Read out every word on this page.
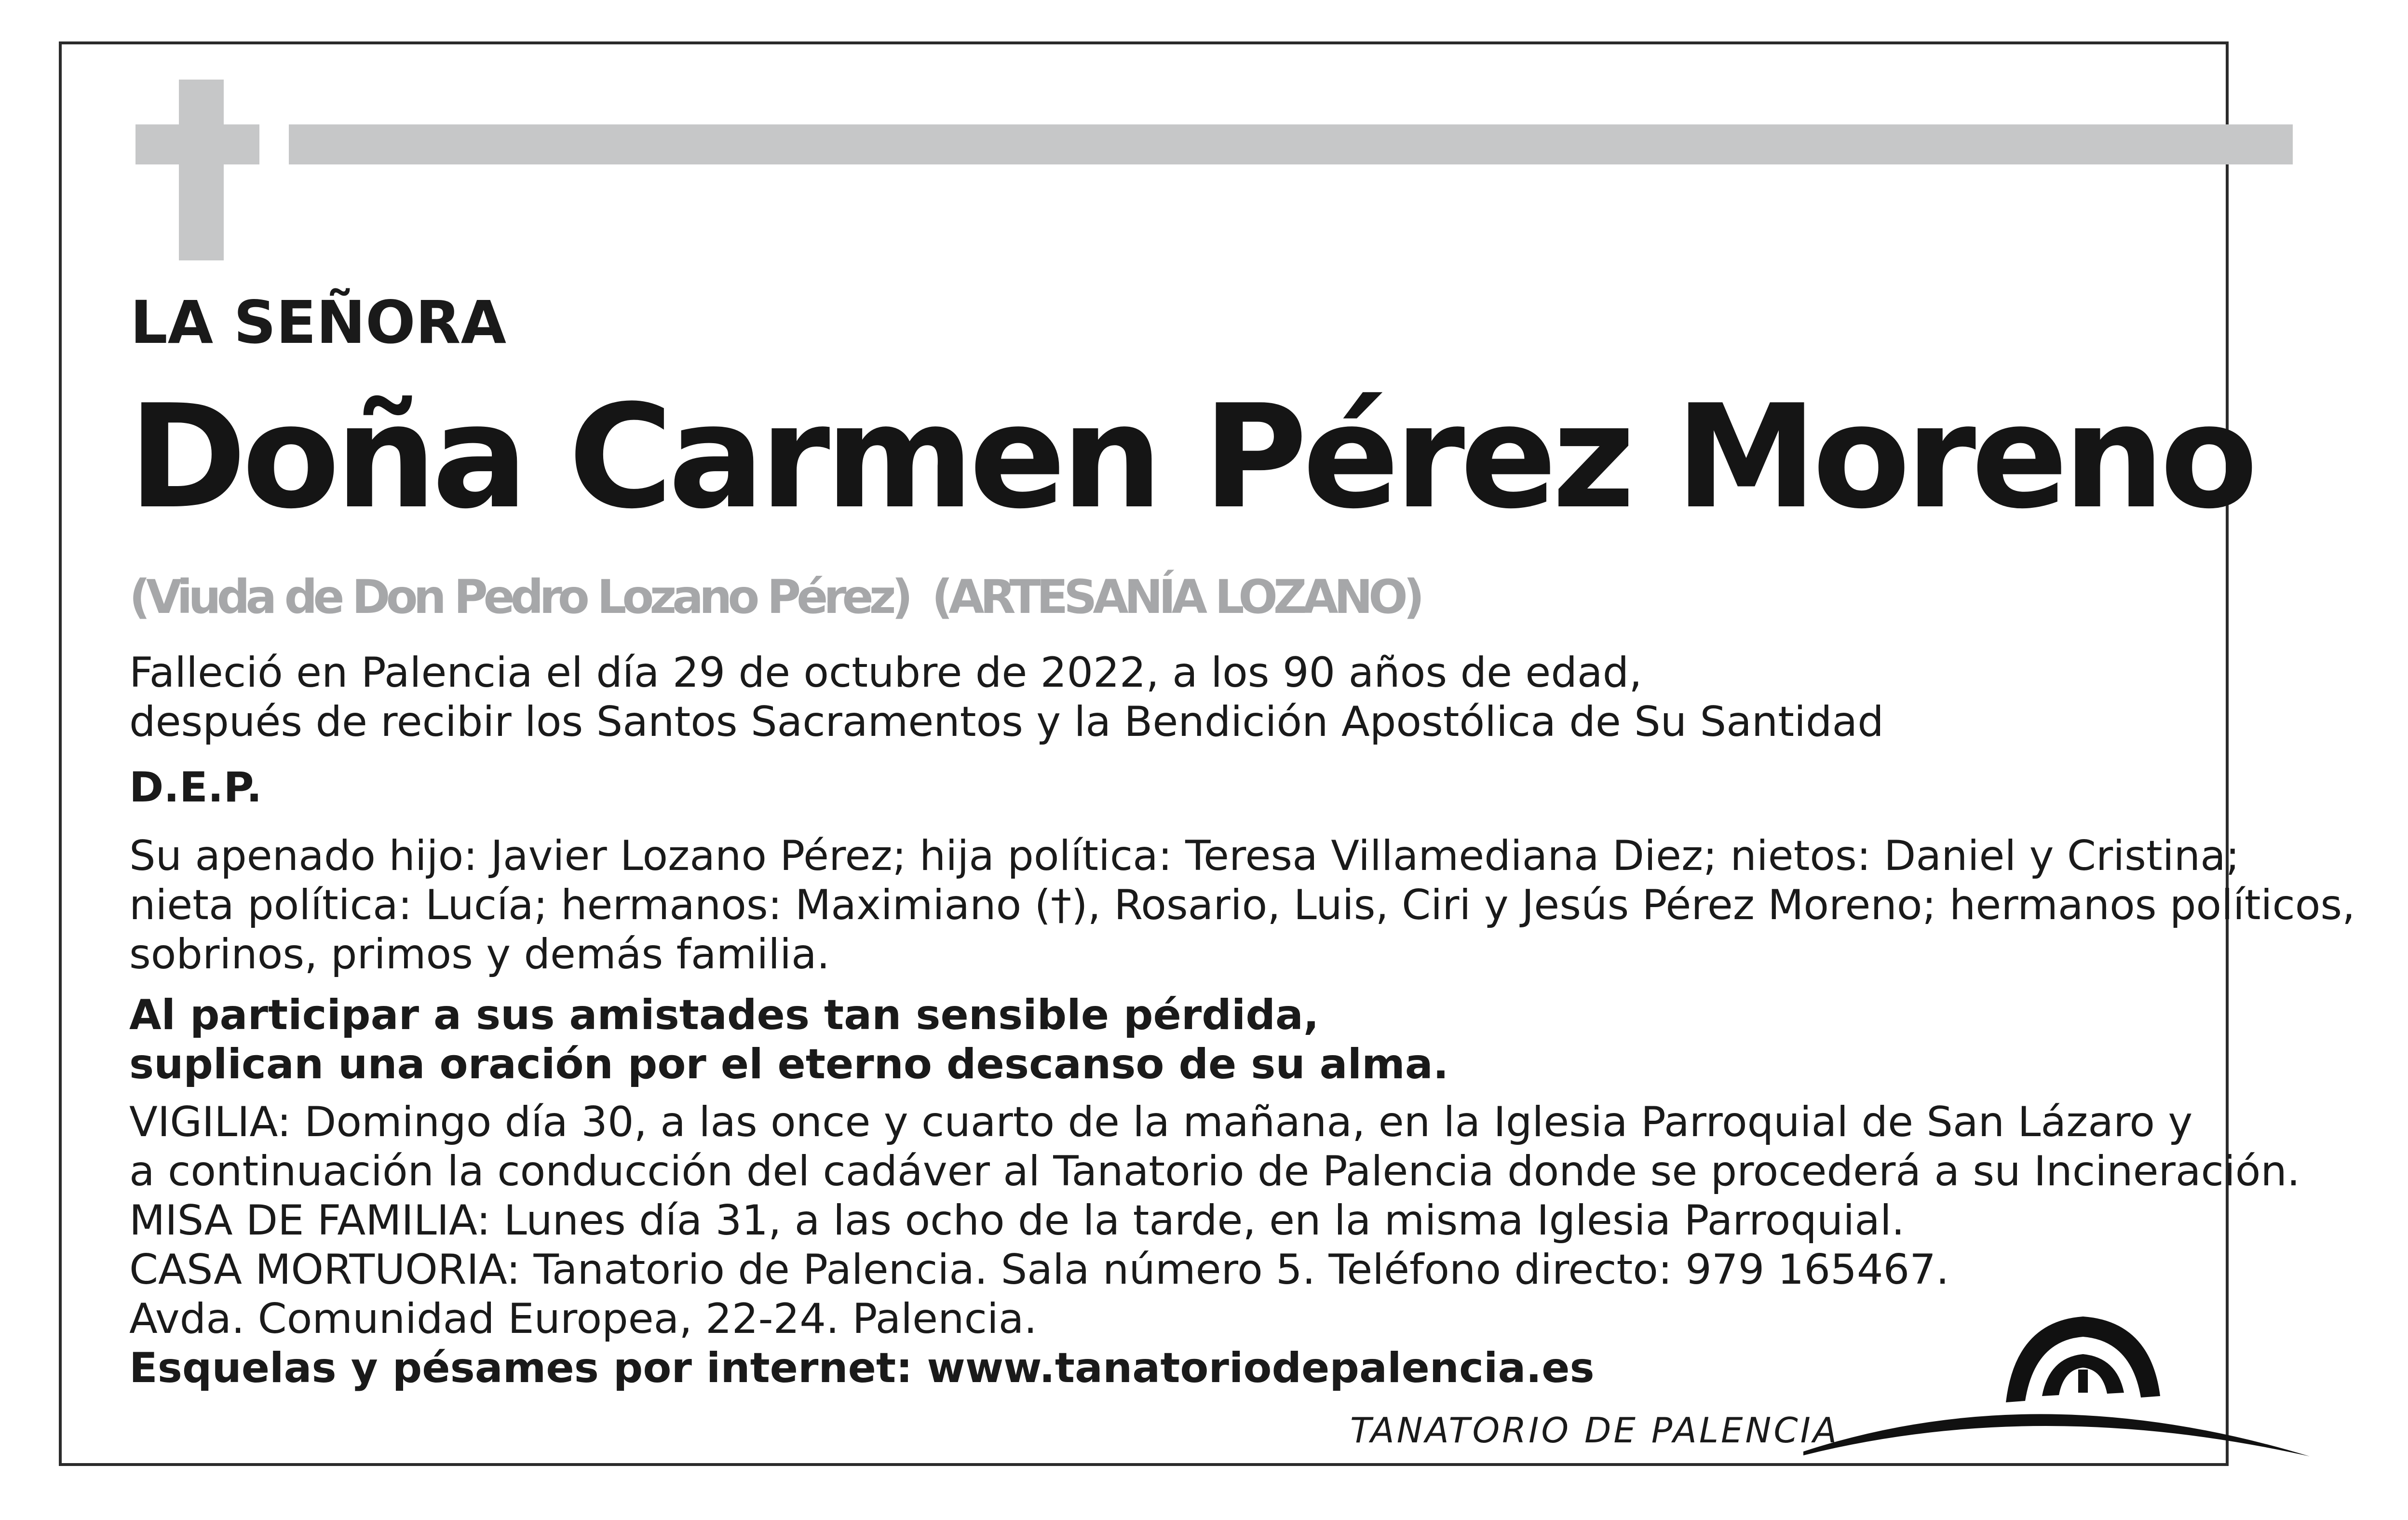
LA SEÑORA
Doña Carmen Pérez Moreno
(Viuda de Don Pedro Lozano Pérez) (ARTESANÍA LOZANO)
Falleció en Palencia el día 29 de octubre de 2022, a los 90 años de edad,
después de recibir los Santos Sacramentos y la Bendición Apostólica de Su Santidad
D.E.P.
Su apenado hijo: Javier Lozano Pérez; hija política: Teresa Villamediana Diez; nietos: Daniel y Cristina;
nieta política: Lucía; hermanos: Maximiano (†), Rosario, Luis, Ciri y Jesús Pérez Moreno; hermanos políticos,
sobrinos, primos y demás familia.
Al participar a sus amistades tan sensible pérdida,
suplican una oración por el eterno descanso de su alma.
VIGILIA: Domingo día 30, a las once y cuarto de la mañana, en la Iglesia Parroquial de San Lázaro y
a continuación la conducción del cadáver al Tanatorio de Palencia donde se procederá a su Incineración.
MISA DE FAMILIA: Lunes día 31, a las ocho de la tarde, en la misma Iglesia Parroquial.
CASA MORTUORIA: Tanatorio de Palencia. Sala número 5. Teléfono directo: 979 165467.
Avda. Comunidad Europea, 22-24. Palencia.
Esquelas y pésames por internet: www.tanatoriodepalencia.es
TANATORIO DE PALENCIA
